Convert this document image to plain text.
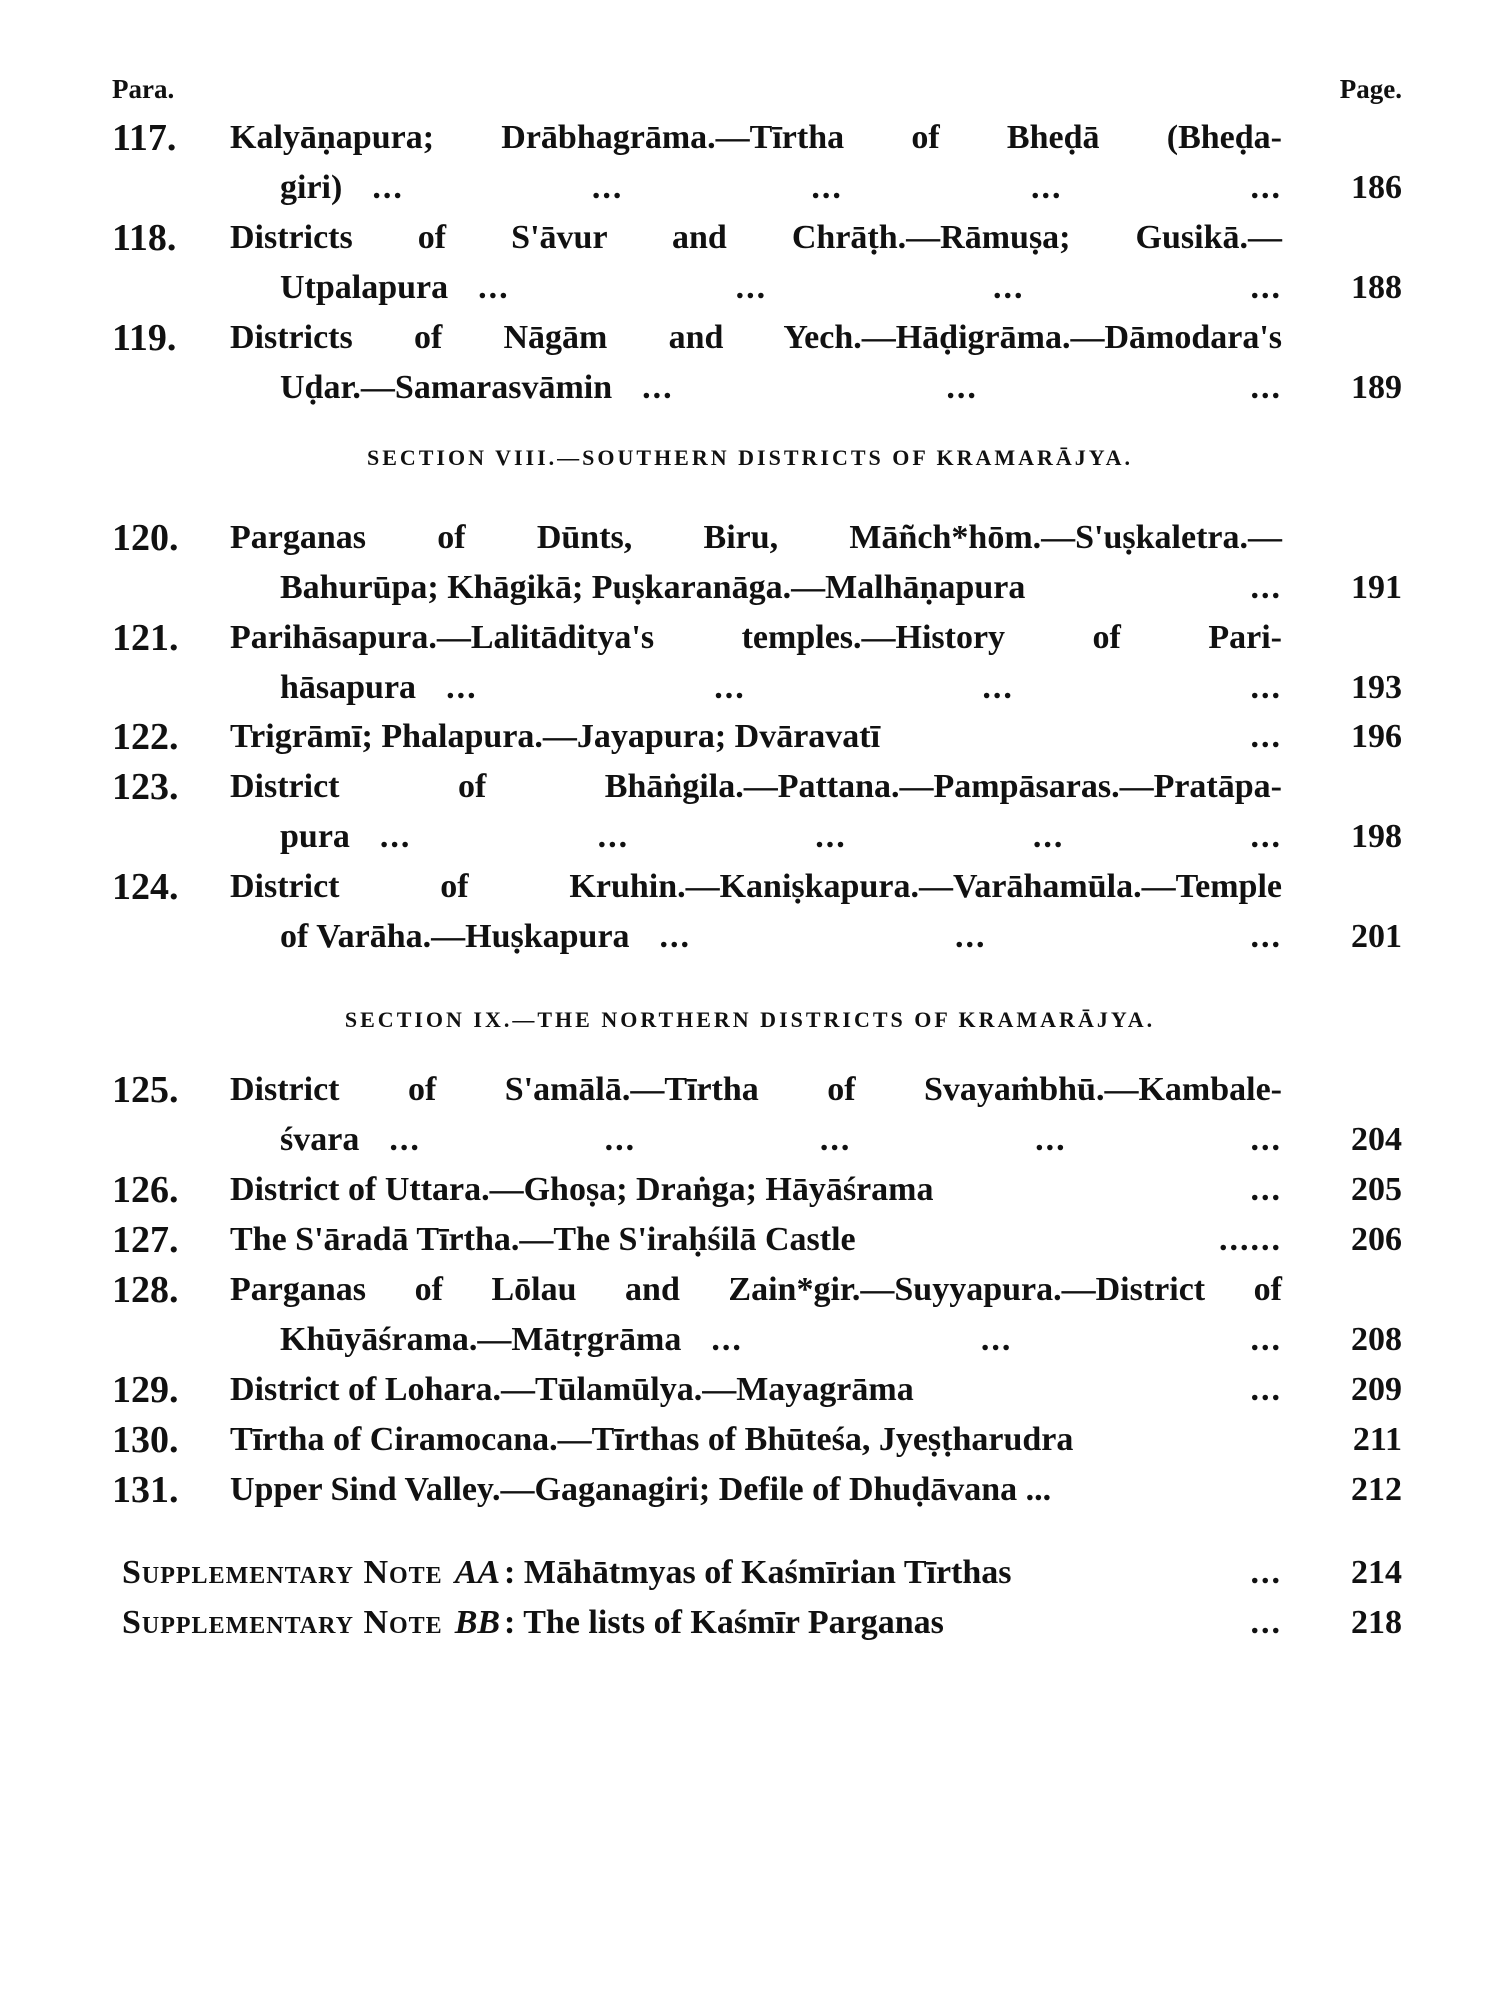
Para.	Page.
117. Kalyāṇapura; Drābhagrāma.—Tīrtha of Bheḍā (Bheḍa-
giri) ...	...	...	...	... 186
118. Districts of S'āvur and Chrāṭh.—Rāmuṣa; Gusikā.—
Utpalapura ...	...	...	... 188
119. Districts of Nāgām and Yech.—Hāḍigrāma.—Dāmodara's
Uḍar.—Samarasvāmin ...	...	... 189
SECTION VIII.—SOUTHERN DISTRICTS OF KRAMARĀJYA.
120. Parganas of Dūnts, Biru, Māñch*hōm.—S'uṣkaletra.—
Bahurūpa; Khāgikā; Puṣkaranāga.—Malhāṇapura	... 191
121. Parihāsapura.—Lalitāditya's temples.—History of Pari-
hāsapura ...	...	...	... 193
122. Trigrāmī; Phalapura.—Jayapura; Dvāravatī	... 196
123. District of Bhāṅgila.—Pattana.—Pampāsaras.—Pratāpa-
pura ...	...	...	...	... 198
124. District of Kruhin.—Kaniṣkapura.—Varāhamūla.—Temple
of Varāha.—Huṣkapura ...	...	... 201
SECTION IX.—THE NORTHERN DISTRICTS OF KRAMARĀJYA.
125. District of S'amālā.—Tīrtha of Svayaṁbhū.—Kambale-
śvara ...	...	...	...	... 204
126. District of Uttara.—Ghoṣa; Draṅga; Hāyāśrama	... 205
127. The S'āradā Tīrtha.—The S'iraḥśilā Castle	... ... 206
128. Parganas of Lōlau and Zain*gir.—Suyyapura.—District of
Khūyāśrama.—Mātṛgrāma ...	...	... 208
129. District of Lohara.—Tūlamūlya.—Mayagrāma	... 209
130. Tīrtha of Ciramocana.—Tīrthas of Bhūteśa, Jyeṣṭharudra	211
131. Upper Sind Valley.—Gaganagiri; Defile of Dhuḍāvana ...	212
Supplementary Note AA : Māhātmyas of Kaśmīrian Tīrthas	... 214
Supplementary Note BB : The lists of Kaśmīr Parganas	... 218
